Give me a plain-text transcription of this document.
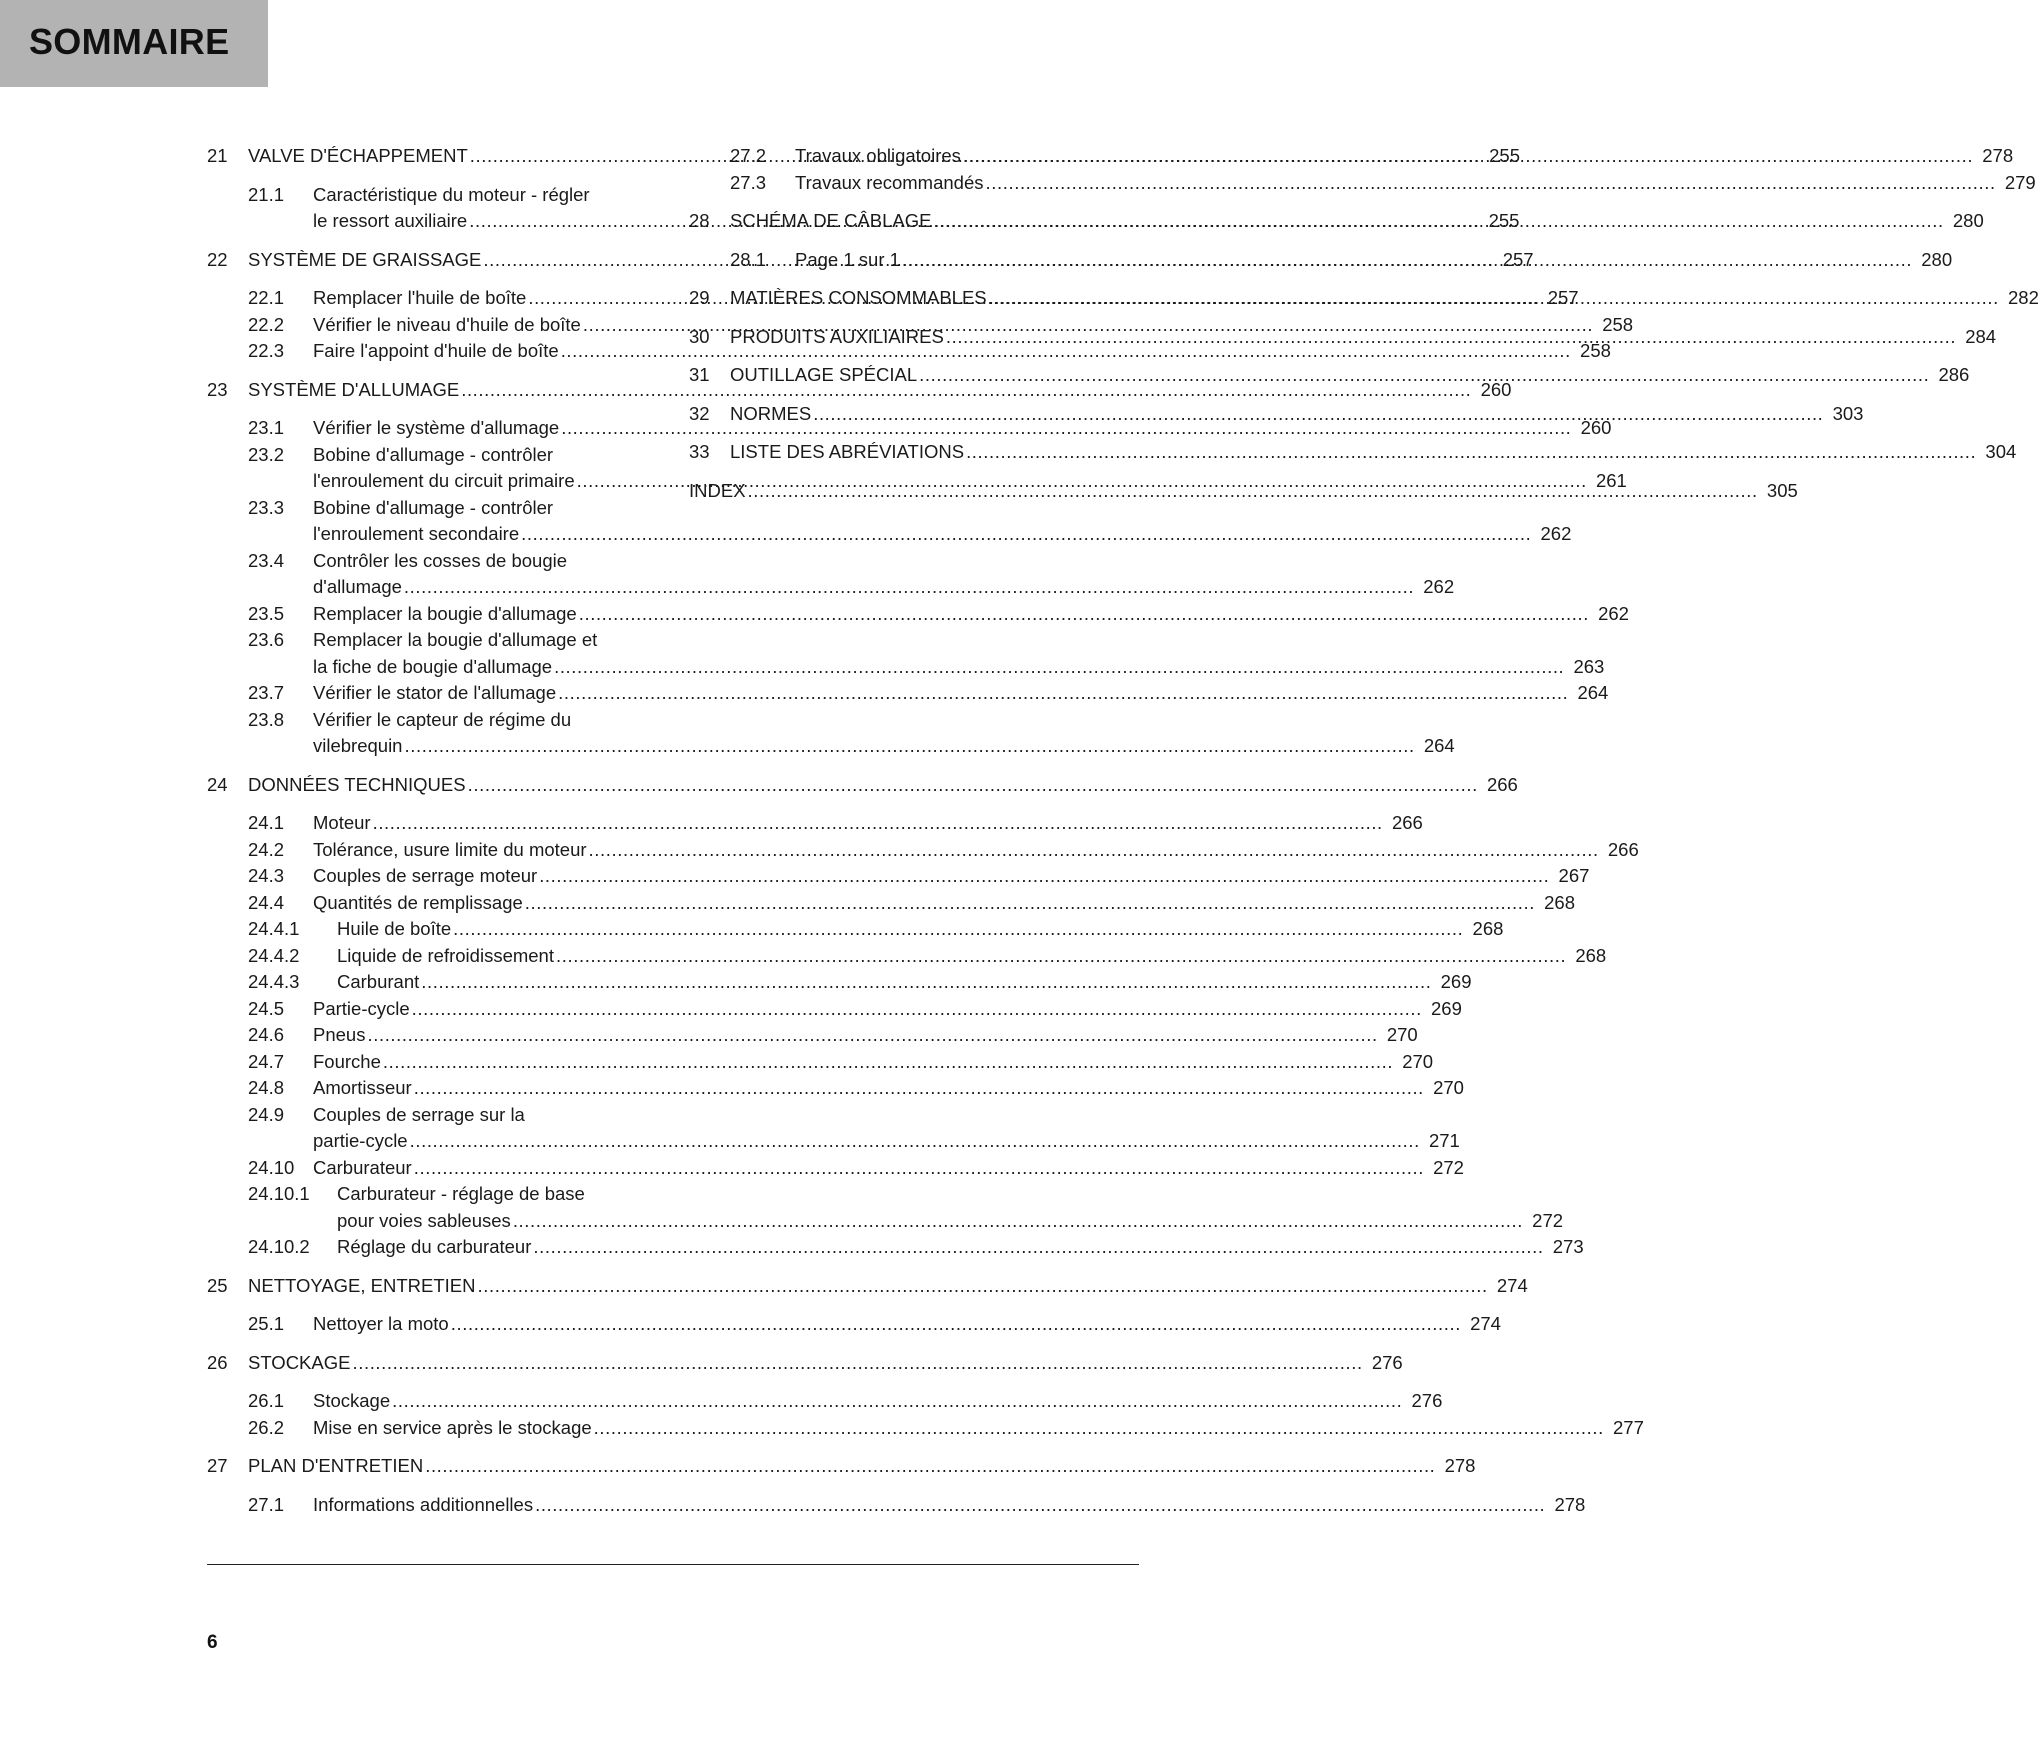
SOMMAIRE
21	VALVE D'ÉCHAPPEMENT .....	255
21.1	Caractéristique du moteur - régler
le ressort auxiliaire .....	255
22	SYSTÈME DE GRAISSAGE .....	257
22.1	Remplacer l'huile de boîte .....	257
22.2	Vérifier le niveau d'huile de boîte .....	258
22.3	Faire l'appoint d'huile de boîte .....	258
23	SYSTÈME D'ALLUMAGE .....	260
23.1	Vérifier le système d'allumage .....	260
23.2	Bobine d'allumage - contrôler
l'enroulement du circuit primaire .....	261
23.3	Bobine d'allumage - contrôler
l'enroulement secondaire .....	262
23.4	Contrôler les cosses de bougie
d'allumage .....	262
23.5	Remplacer la bougie d'allumage .....	262
23.6	Remplacer la bougie d'allumage et
la fiche de bougie d'allumage .....	263
23.7	Vérifier le stator de l'allumage .....	264
23.8	Vérifier le capteur de régime du
vilebrequin .....	264
24	DONNÉES TECHNIQUES .....	266
24.1	Moteur .....	266
24.2	Tolérance, usure limite du moteur .....	266
24.3	Couples de serrage moteur .....	267
24.4	Quantités de remplissage .....	268
24.4.1	Huile de boîte .....	268
24.4.2	Liquide de refroidissement .....	268
24.4.3	Carburant .....	269
24.5	Partie-cycle .....	269
24.6	Pneus .....	270
24.7	Fourche .....	270
24.8	Amortisseur .....	270
24.9	Couples de serrage sur la
partie-cycle .....	271
24.10	Carburateur .....	272
24.10.1	Carburateur - réglage de base
pour voies sableuses .....	272
24.10.2	Réglage du carburateur .....	273
25	NETTOYAGE, ENTRETIEN .....	274
25.1	Nettoyer la moto .....	274
26	STOCKAGE .....	276
26.1	Stockage .....	276
26.2	Mise en service après le stockage .....	277
27	PLAN D'ENTRETIEN .....	278
27.1	Informations additionnelles .....	278
27.2	Travaux obligatoires .....	278
27.3	Travaux recommandés .....	279
28	SCHÉMA DE CÂBLAGE .....	280
28.1	Page 1 sur 1 .....	280
29	MATIÈRES CONSOMMABLES .....	282
30	PRODUITS AUXILIAIRES .....	284
31	OUTILLAGE SPÉCIAL .....	286
32	NORMES .....	303
33	LISTE DES ABRÉVIATIONS .....	304
INDEX .....	305
6
